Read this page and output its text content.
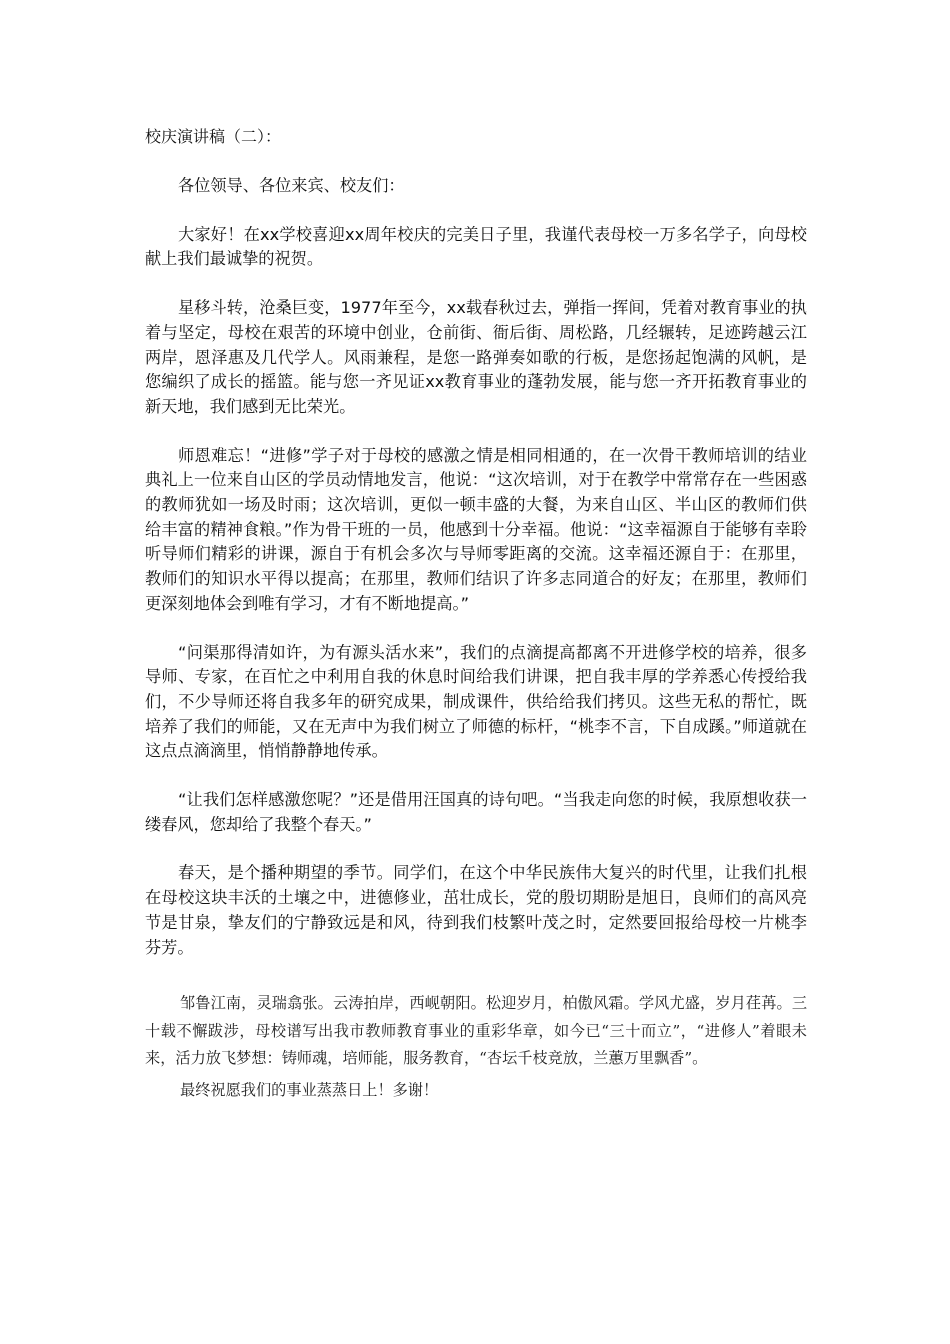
校庆演讲稿（二）：

各位领导、各位来宾、校友们：

大家好！在xx学校喜迎xx周年校庆的完美日子里，我谨代表母校一万多名学子，向母校献上我们最诚挚的祝贺。

星移斗转，沧桑巨变，1977年至今，xx载春秋过去，弹指一挥间，凭着对教育事业的执着与坚定，母校在艰苦的环境中创业，仓前街、衙后街、周松路，几经辗转，足迹跨越云江两岸，恩泽惠及几代学人。风雨兼程，是您一路弹奏如歌的行板，是您扬起饱满的风帆，是您编织了成长的摇篮。能与您一齐见证xx教育事业的蓬勃发展，能与您一齐开拓教育事业的新天地，我们感到无比荣光。

师恩难忘！“进修”学子对于母校的感激之情是相同相通的，在一次骨干教师培训的结业典礼上一位来自山区的学员动情地发言，他说：“这次培训，对于在教学中常常存在一些困惑的教师犹如一场及时雨；这次培训，更似一顿丰盛的大餐，为来自山区、半山区的教师们供给丰富的精神食粮。”作为骨干班的一员，他感到十分幸福。他说：“这幸福源自于能够有幸聆听导师们精彩的讲课，源自于有机会多次与导师零距离的交流。这幸福还源自于：在那里，教师们的知识水平得以提高；在那里，教师们结识了许多志同道合的好友；在那里，教师们更深刻地体会到唯有学习，才有不断地提高。”

“问渠那得清如许，为有源头活水来”，我们的点滴提高都离不开进修学校的培养，很多导师、专家，在百忙之中利用自我的休息时间给我们讲课，把自我丰厚的学养悉心传授给我们，不少导师还将自我多年的研究成果，制成课件，供给给我们拷贝。这些无私的帮忙，既培养了我们的师能，又在无声中为我们树立了师德的标杆，“桃李不言，下自成蹊。”师道就在这点点滴滴里，悄悄静静地传承。

“让我们怎样感激您呢？”还是借用汪国真的诗句吧。“当我走向您的时候，我原想收获一缕春风，您却给了我整个春天。”

春天，是个播种期望的季节。同学们，在这个中华民族伟大复兴的时代里，让我们扎根在母校这块丰沃的土壤之中，进德修业，茁壮成长，党的殷切期盼是旭日，良师们的高风亮节是甘泉，挚友们的宁静致远是和风，待到我们枝繁叶茂之时，定然要回报给母校一片桃李芬芳。

邹鲁江南，灵瑞翕张。云涛拍岸，西岘朝阳。松迎岁月，柏傲风霜。学风尤盛，岁月荏苒。三十载不懈跋涉，母校谱写出我市教师教育事业的重彩华章，如今已“三十而立”，“进修人”着眼未来，活力放飞梦想：铸师魂，培师能，服务教育，“杏坛千枝竞放，兰蕙万里飘香”。

最终祝愿我们的事业蒸蒸日上！多谢！
